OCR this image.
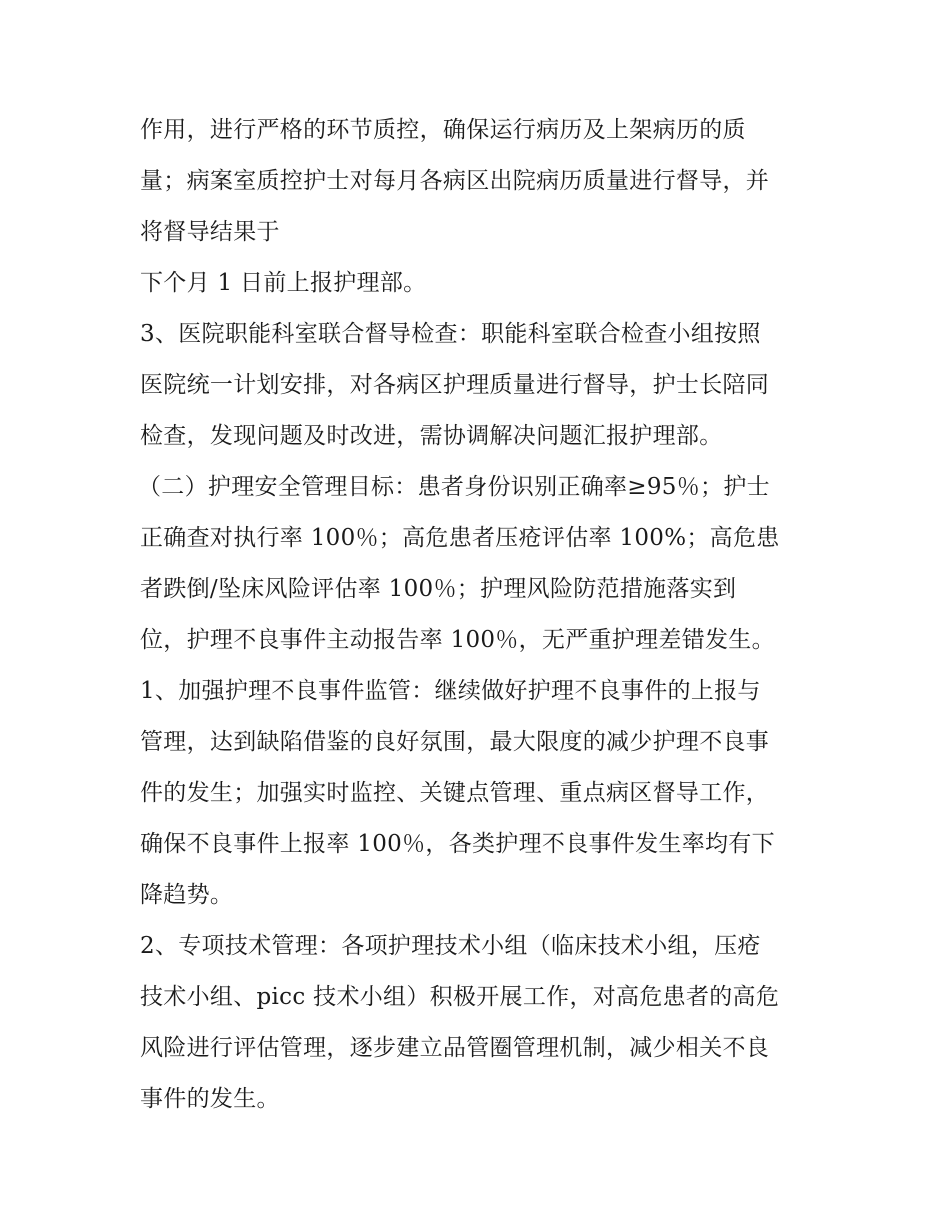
作用，进行严格的环节质控，确保运行病历及上架病历的质
量；病案室质控护士对每月各病区出院病历质量进行督导，并
将督导结果于
下个月 1 日前上报护理部。
3、医院职能科室联合督导检查：职能科室联合检查小组按照
医院统一计划安排，对各病区护理质量进行督导，护士长陪同
检查，发现问题及时改进，需协调解决问题汇报护理部。
（二）护理安全管理目标：患者身份识别正确率≥95％；护士
正确查对执行率 100％；高危患者压疮评估率 100%；高危患
者跌倒/坠床风险评估率 100％；护理风险防范措施落实到
位，护理不良事件主动报告率 100％，无严重护理差错发生。
1、加强护理不良事件监管：继续做好护理不良事件的上报与
管理，达到缺陷借鉴的良好氛围，最大限度的减少护理不良事
件的发生；加强实时监控、关键点管理、重点病区督导工作，
确保不良事件上报率 100％，各类护理不良事件发生率均有下
降趋势。
2、专项技术管理：各项护理技术小组（临床技术小组，压疮
技术小组、picc 技术小组）积极开展工作，对高危患者的高危
风险进行评估管理，逐步建立品管圈管理机制，减少相关不良
事件的发生。
